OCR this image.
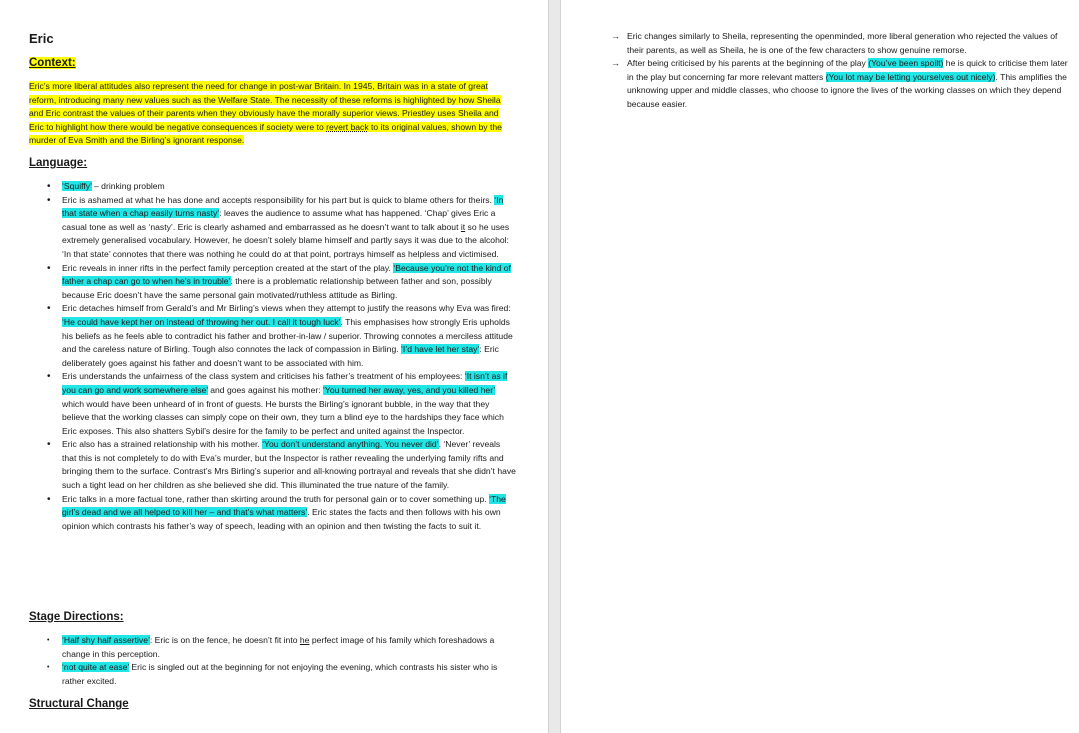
Eric
Context:

Eric’s more liberal attitudes also represent the need for change in post-war Britain. In 1945, Britain was in a state of great reform, introducing many new values such as the Welfare State. The necessity of these reforms is highlighted by how Sheila and Eric contrast the values of their parents when they obviously have the morally superior views. Priestley uses Sheila and Eric to highlight how there would be negative consequences if society were to revert back to its original values, shown by the murder of Eva Smith and the Birling’s ignorant response.

Language:
• ‘Squiffy’ – drinking problem
• Eric is ashamed at what he has done and accepts responsibility for his part but is quick to blame others for theirs. ‘In that state when a chap easily turns nasty’: leaves the audience to assume what has happened. ‘Chap’ gives Eric a casual tone as well as ‘nasty’. Eric is clearly ashamed and embarrassed as he doesn’t want to talk about it so he uses extremely generalised vocabulary. However, he doesn’t solely blame himself and partly says it was due to the alcohol: ‘In that state’ connotes that there was nothing he could do at that point, portrays himself as helpless and victimised.
• Eric reveals in inner rifts in the perfect family perception created at the start of the play. ‘Because you’re not the kind of father a chap can go to when he’s in trouble’: there is a problematic relationship between father and son, possibly because Eric doesn’t have the same personal gain motivated/ruthless attitude as Birling.
• Eric detaches himself from Gerald’s and Mr Birling’s views when they attempt to justify the reasons why Eva was fired: ‘He could have kept her on instead of throwing her out. I call it tough luck’. This emphasises how strongly Eris upholds his beliefs as he feels able to contradict his father and brother-in-law / superior. Throwing connotes a merciless attitude and the careless nature of Birling. Tough also connotes the lack of compassion in Birling. ‘I’d have let her stay’: Eric deliberately goes against his father and doesn’t want to be associated with him.
• Eris understands the unfairness of the class system and criticises his father’s treatment of his employees: ‘It isn’t as if you can go and work somewhere else’ and goes against his mother: ‘You turned her away, yes, and you killed her’ which would have been unheard of in front of guests. He bursts the Birling’s ignorant bubble, in the way that they believe that the working classes can simply cope on their own, they turn a blind eye to the hardships they face which Eric exposes. This also shatters Sybil’s desire for the family to be perfect and united against the Inspector.
• Eric also has a strained relationship with his mother. ‘You don’t understand anything. You never did’. ‘Never’ reveals that this is not completely to do with Eva’s murder, but the Inspector is rather revealing the underlying family rifts and bringing them to the surface. Contrast’s Mrs Birling’s superior and all-knowing portrayal and reveals that she didn’t have such a tight lead on her children as she believed she did. This illuminated the true nature of the family.
• Eric talks in a more factual tone, rather than skirting around the truth for personal gain or to cover something up. ‘The girl’s dead and we all helped to kill her – and that’s what matters’. Eric states the facts and then follows with his own opinion which contrasts his father’s way of speech, leading with an opinion and then twisting the facts to suit it.
Stage Directions:
• ‘Half shy half assertive’: Eric is on the fence, he doesn’t fit into he perfect image of his family which foreshadows a change in this perception.
• ‘not quite at ease’ Eric is singled out at the beginning for not enjoying the evening, which contrasts his sister who is rather excited.
Structural Change
→ Eric changes similarly to Sheila, representing the openminded, more liberal generation who rejected the values of their parents, as well as Sheila, he is one of the few characters to show genuine remorse.
→ After being criticised by his parents at the beginning of the play (You’ve been spoilt) he is quick to criticise them later in the play but concerning far more relevant matters (You lot may be letting yourselves out nicely). This amplifies the unknowing upper and middle classes, who choose to ignore the lives of the working classes on which they depend because easier.
